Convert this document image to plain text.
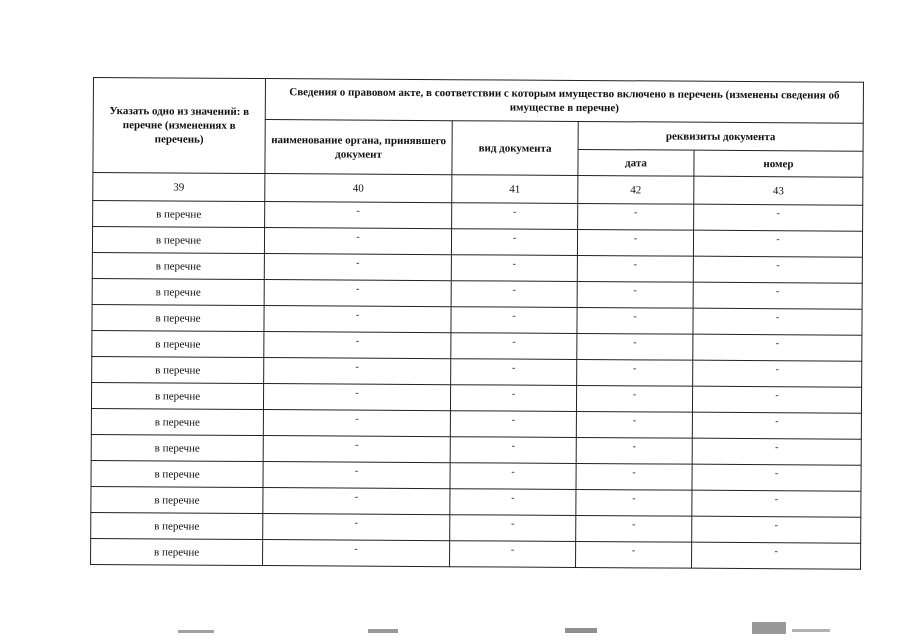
Указать одно из значений: в перечне (изменениях в перечень)	Сведения о правовом акте, в соответствии с которым имущество включено в перечень (изменены сведения об имуществе в перечне)			
	наименование органа, принявшего документ	вид документа	реквизиты документа	
			дата	номер
39	40	41	42	43
в перечне	-	-	-	-
в перечне	-	-	-	-
в перечне	-	-	-	-
в перечне	-	-	-	-
в перечне	-	-	-	-
в перечне	-	-	-	-
в перечне	-	-	-	-
в перечне	-	-	-	-
в перечне	-	-	-	-
в перечне	-	-	-	-
в перечне	-	-	-	-
в перечне	-	-	-	-
в перечне	-	-	-	-
в перечне	-	-	-	-
